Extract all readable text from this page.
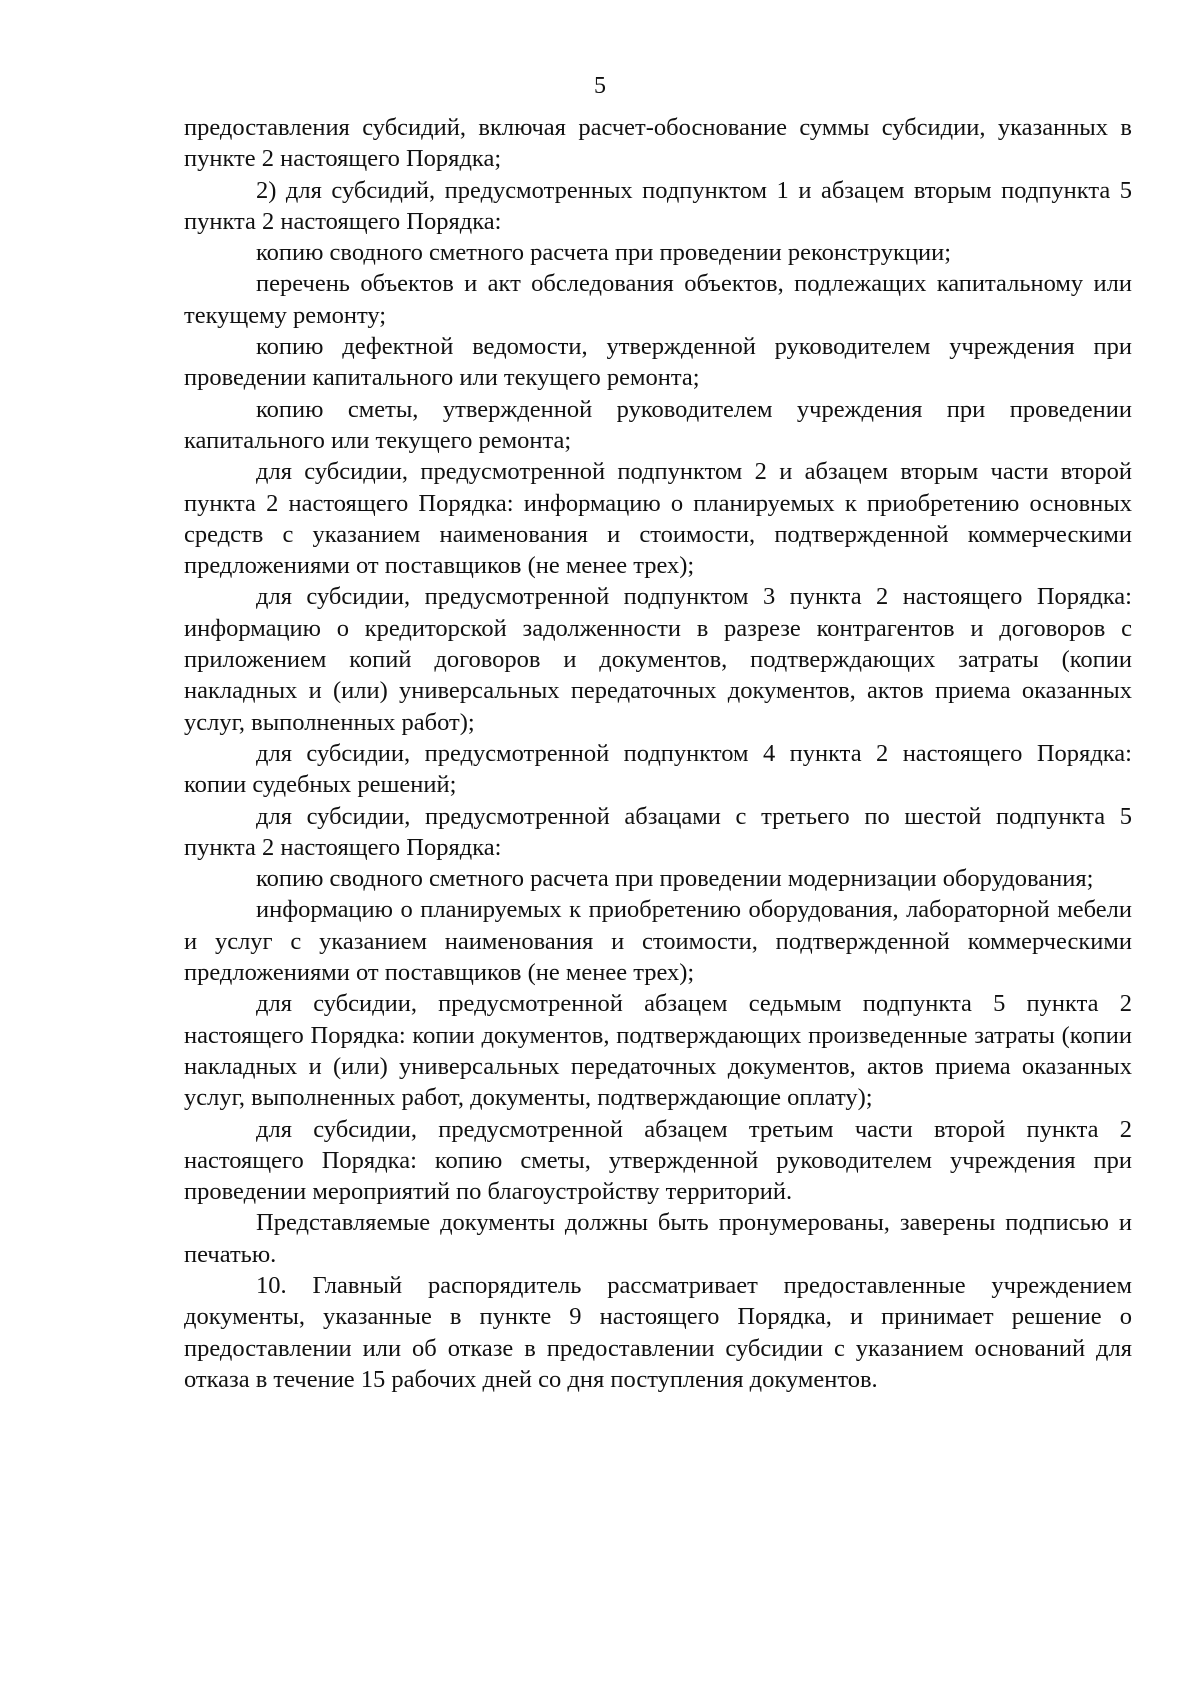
5

предоставления субсидий, включая расчет-обоснование суммы субсидии, указанных в пункте 2 настоящего Порядка;

2) для субсидий, предусмотренных подпунктом 1 и абзацем вторым подпункта 5 пункта 2 настоящего Порядка:

копию сводного сметного расчета при проведении реконструкции;

перечень объектов и акт обследования объектов, подлежащих капитальному или текущему ремонту;

копию дефектной ведомости, утвержденной руководителем учреждения при проведении капитального или текущего ремонта;

копию сметы, утвержденной руководителем учреждения при проведении капитального или текущего ремонта;

для субсидии, предусмотренной подпунктом 2 и абзацем вторым части второй пункта 2 настоящего Порядка: информацию о планируемых к приобретению основных средств с указанием наименования и стоимости, подтвержденной коммерческими предложениями от поставщиков (не менее трех);

для субсидии, предусмотренной подпунктом 3 пункта 2 настоящего Порядка: информацию о кредиторской задолженности в разрезе контрагентов и договоров с приложением копий договоров и документов, подтверждающих затраты (копии накладных и (или) универсальных передаточных документов, актов приема оказанных услуг, выполненных работ);

для субсидии, предусмотренной подпунктом 4 пункта 2 настоящего Порядка: копии судебных решений;

для субсидии, предусмотренной абзацами с третьего по шестой подпункта 5 пункта 2 настоящего Порядка:

копию сводного сметного расчета при проведении модернизации оборудования;

информацию о планируемых к приобретению оборудования, лабораторной мебели и услуг с указанием наименования и стоимости, подтвержденной коммерческими предложениями от поставщиков (не менее трех);

для субсидии, предусмотренной абзацем седьмым подпункта 5 пункта 2 настоящего Порядка: копии документов, подтверждающих произведенные затраты (копии накладных и (или) универсальных передаточных документов, актов приема оказанных услуг, выполненных работ, документы, подтверждающие оплату);

для субсидии, предусмотренной абзацем третьим части второй пункта 2 настоящего Порядка: копию сметы, утвержденной руководителем учреждения при проведении мероприятий по благоустройству территорий.

Представляемые документы должны быть пронумерованы, заверены подписью и печатью.

10. Главный распорядитель рассматривает предоставленные учреждением документы, указанные в пункте 9 настоящего Порядка, и принимает решение о предоставлении или об отказе в предоставлении субсидии с указанием оснований для отказа в течение 15 рабочих дней со дня поступления документов.
